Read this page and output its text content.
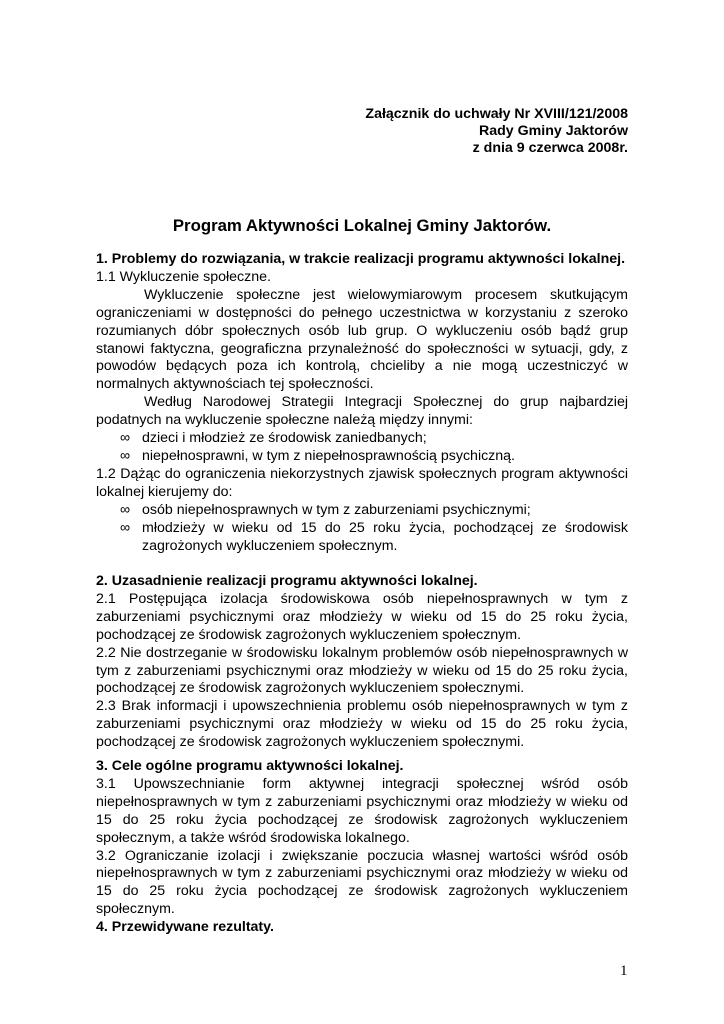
Załącznik do uchwały Nr XVIII/121/2008
Rady Gminy Jaktorów
z dnia 9 czerwca 2008r.
Program Aktywności Lokalnej Gminy Jaktorów.

1. Problemy do rozwiązania, w trakcie realizacji programu aktywności lokalnej.

1.1 Wykluczenie społeczne.

Wykluczenie społeczne jest wielowymiarowym procesem skutkującym ograniczeniami w dostępności do pełnego uczestnictwa w korzystaniu z szeroko rozumianych dóbr społecznych osób lub grup. O wykluczeniu osób bądź grup stanowi faktyczna, geograficzna przynależność do społeczności w sytuacji, gdy, z powodów będących poza ich kontrolą, chcieliby a nie mogą uczestniczyć w normalnych aktywnościach tej społeczności.

Według Narodowej Strategii Integracji Społecznej do grup najbardziej podatnych na wykluczenie społeczne należą między innymi:

∞ dzieci i młodzież ze środowisk zaniedbanych;
∞ niepełnosprawni, w tym z niepełnosprawnością psychiczną.

1.2 Dążąc do ograniczenia niekorzystnych zjawisk społecznych program aktywności lokalnej kierujemy do:

∞ osób niepełnosprawnych w tym z zaburzeniami psychicznymi;
∞ młodzieży w wieku od 15 do 25 roku życia, pochodzącej ze środowisk zagrożonych wykluczeniem społecznym.

2. Uzasadnienie realizacji programu aktywności lokalnej.

2.1 Postępująca izolacja środowiskowa osób niepełnosprawnych w tym z zaburzeniami psychicznymi oraz młodzieży w wieku od 15 do 25 roku życia, pochodzącej ze środowisk zagrożonych wykluczeniem społecznym.

2.2 Nie dostrzeganie w środowisku lokalnym problemów osób niepełnosprawnych w tym z zaburzeniami psychicznymi oraz młodzieży w wieku od 15 do 25 roku życia, pochodzącej ze środowisk zagrożonych wykluczeniem społecznymi.

2.3 Brak informacji i upowszechnienia problemu osób niepełnosprawnych w tym z zaburzeniami psychicznymi oraz młodzieży w wieku od 15 do 25 roku życia, pochodzącej ze środowisk zagrożonych wykluczeniem społecznymi.

3. Cele ogólne programu aktywności lokalnej.

3.1 Upowszechnianie form aktywnej integracji społecznej wśród osób niepełnosprawnych w tym z zaburzeniami psychicznymi oraz młodzieży w wieku od 15 do 25 roku życia pochodzącej ze środowisk zagrożonych wykluczeniem społecznym, a także wśród środowiska lokalnego.

3.2 Ograniczanie izolacji i zwiększanie poczucia własnej wartości wśród osób niepełnosprawnych w tym z zaburzeniami psychicznymi oraz młodzieży w wieku od 15 do 25 roku życia pochodzącej ze środowisk zagrożonych wykluczeniem społecznym.

4. Przewidywane rezultaty.

1
